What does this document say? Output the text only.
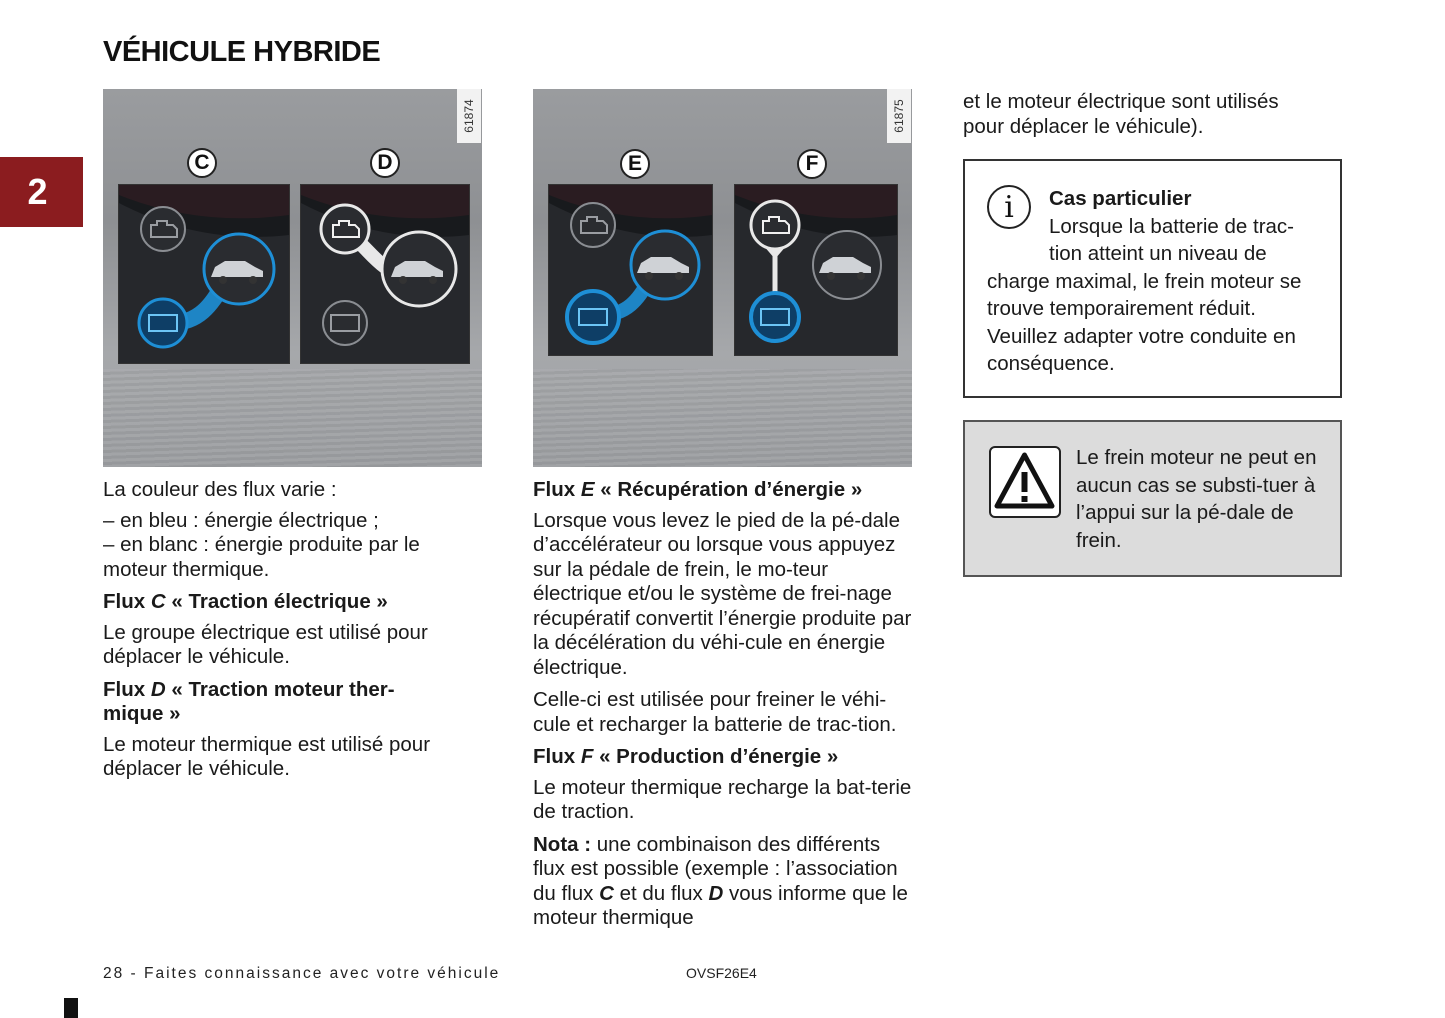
VÉHICULE HYBRIDE
2
61874
C	D
61875
E	F

La couleur des flux varie :

– en bleu : énergie électrique ;

– en blanc : énergie produite par le moteur thermique.

Flux C « Traction électrique »

Le groupe électrique est utilisé pour déplacer le véhicule.

Flux D « Traction moteur ther-mique »

Le moteur thermique est utilisé pour déplacer le véhicule.

Flux E « Récupération d’énergie »

Lorsque vous levez le pied de la pé-dale d’accélérateur ou lorsque vous appuyez sur la pédale de frein, le mo-teur électrique et/ou le système de frei-nage récupératif convertit l’énergie produite par la décélération du véhi-cule en énergie électrique.

Celle-ci est utilisée pour freiner le véhi-cule et recharger la batterie de trac-tion.

Flux F « Production d’énergie »

Le moteur thermique recharge la bat-terie de traction.

Nota : une combinaison des différents flux est possible (exemple : l’association du flux C et du flux D vous informe que le moteur thermique

et le moteur électrique sont utilisés pour déplacer le véhicule).

i	Cas particulier
Lorsque la batterie de trac-tion atteint un niveau de
charge maximal, le frein moteur se trouve temporairement réduit. Veuillez adapter votre conduite en conséquence.
Le frein moteur ne peut en aucun cas se substi-tuer à l’appui sur la pé-dale de frein.
28 - Faites connaissance avec votre véhicule	OVSF26E4
